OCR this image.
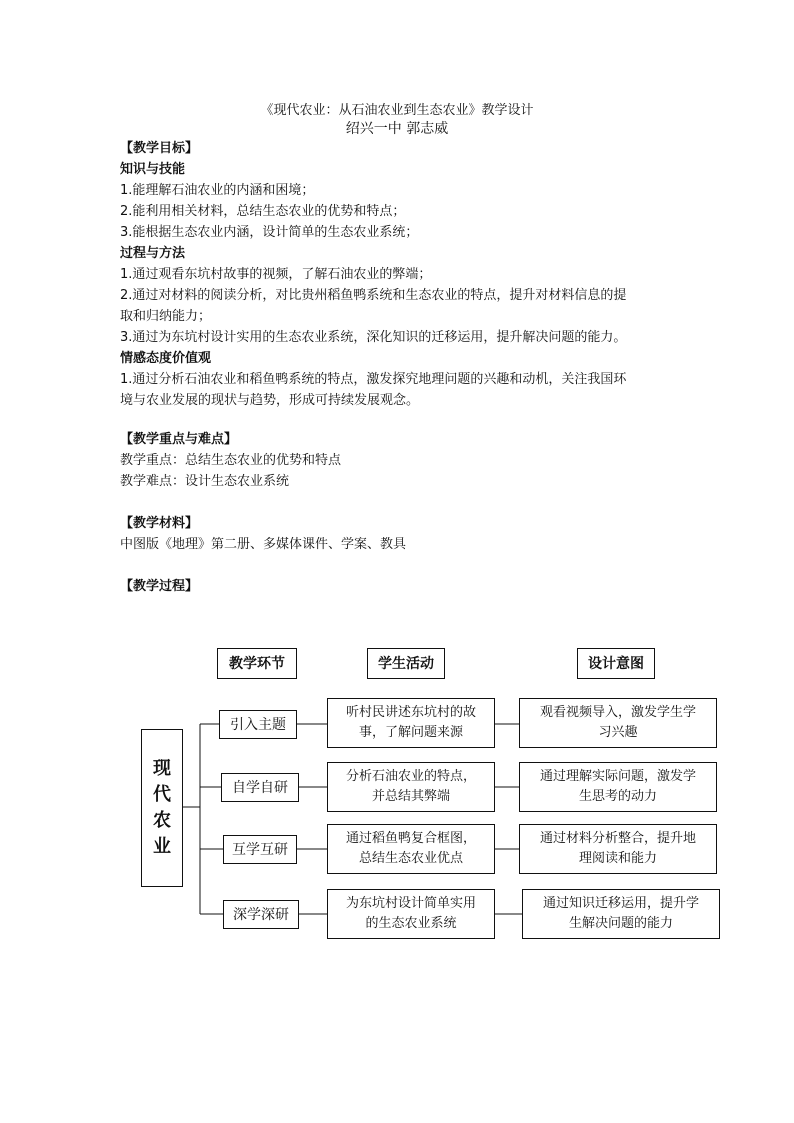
《现代农业：从石油农业到生态农业》教学设计
绍兴一中 郭志威
【教学目标】
知识与技能
1.能理解石油农业的内涵和困境；
2.能利用相关材料，总结生态农业的优势和特点；
3.能根据生态农业内涵，设计简单的生态农业系统；
过程与方法
1.通过观看东坑村故事的视频，了解石油农业的弊端；
2.通过对材料的阅读分析，对比贵州稻鱼鸭系统和生态农业的特点，提升对材料信息的提
取和归纳能力；
3.通过为东坑村设计实用的生态农业系统，深化知识的迁移运用，提升解决问题的能力。
情感态度价值观
1.通过分析石油农业和稻鱼鸭系统的特点，激发探究地理问题的兴趣和动机，关注我国环
境与农业发展的现状与趋势，形成可持续发展观念。
【教学重点与难点】
教学重点：总结生态农业的优势和特点
教学难点：设计生态农业系统
【教学材料】
中图版《地理》第二册、多媒体课件、学案、教具
【教学过程】
教学环节	学生活动	设计意图
现
代
农
业
引入主题
自学自研
互学互研
深学深研
听村民讲述东坑村的故
事，了解问题来源
分析石油农业的特点，
并总结其弊端
通过稻鱼鸭复合框图，
总结生态农业优点
为东坑村设计简单实用
的生态农业系统
观看视频导入，激发学生学
习兴趣
通过理解实际问题，激发学
生思考的动力
通过材料分析整合，提升地
理阅读和能力
通过知识迁移运用，提升学
生解决问题的能力
